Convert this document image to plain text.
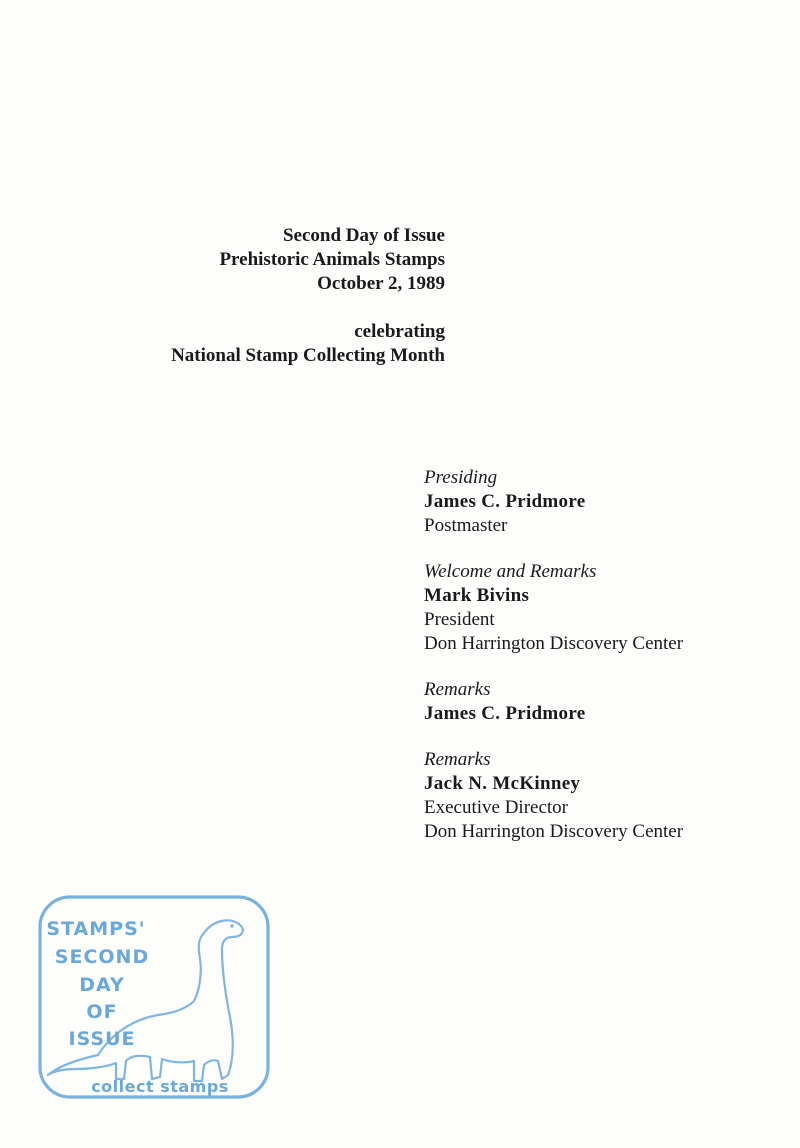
Second Day of Issue
Prehistoric Animals Stamps
October 2, 1989
celebrating
National Stamp Collecting Month
Presiding
James C. Pridmore
Postmaster
Welcome and Remarks
Mark Bivins
President
Don Harrington Discovery Center
Remarks
James C. Pridmore
Remarks
Jack N. McKinney
Executive Director
Don Harrington Discovery Center
STAMPS'
SECOND
DAY
OF
ISSUE
collect stamps
